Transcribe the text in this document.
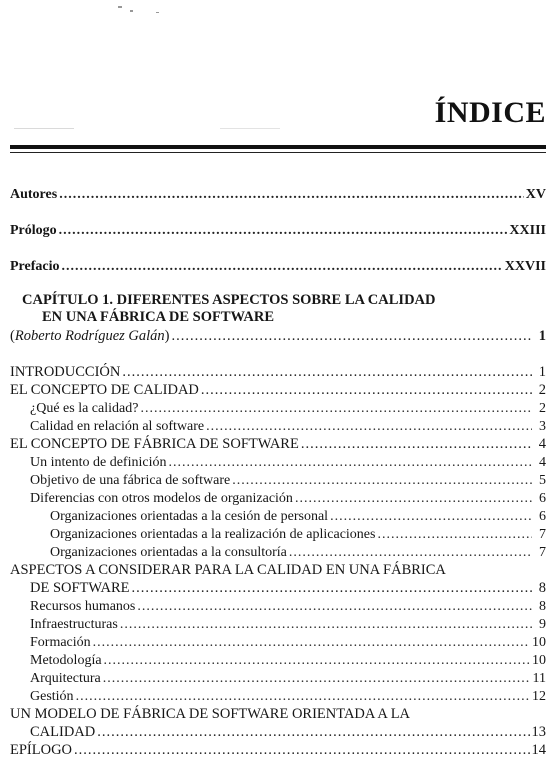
ÍNDICE
Autores .....	XV
Prólogo .....	XXIII
Prefacio .....	XXVII
CAPÍTULO 1. DIFERENTES ASPECTOS SOBRE LA CALIDAD
EN UNA FÁBRICA DE SOFTWARE
(Roberto Rodríguez Galán) .....	1
INTRODUCCIÓN .....	1
EL CONCEPTO DE CALIDAD .....	2
¿Qué es la calidad? .....	2
Calidad en relación al software .....	3
EL CONCEPTO DE FÁBRICA DE SOFTWARE .....	4
Un intento de definición .....	4
Objetivo de una fábrica de software .....	5
Diferencias con otros modelos de organización .....	6
Organizaciones orientadas a la cesión de personal .....	6
Organizaciones orientadas a la realización de aplicaciones .....	7
Organizaciones orientadas a la consultoría .....	7
ASPECTOS A CONSIDERAR PARA LA CALIDAD EN UNA FÁBRICA
DE SOFTWARE .....	8
Recursos humanos .....	8
Infraestructuras .....	9
Formación .....	10
Metodología .....	10
Arquitectura .....	11
Gestión .....	12
UN MODELO DE FÁBRICA DE SOFTWARE ORIENTADA A LA
CALIDAD .....	13
EPÍLOGO .....	14
